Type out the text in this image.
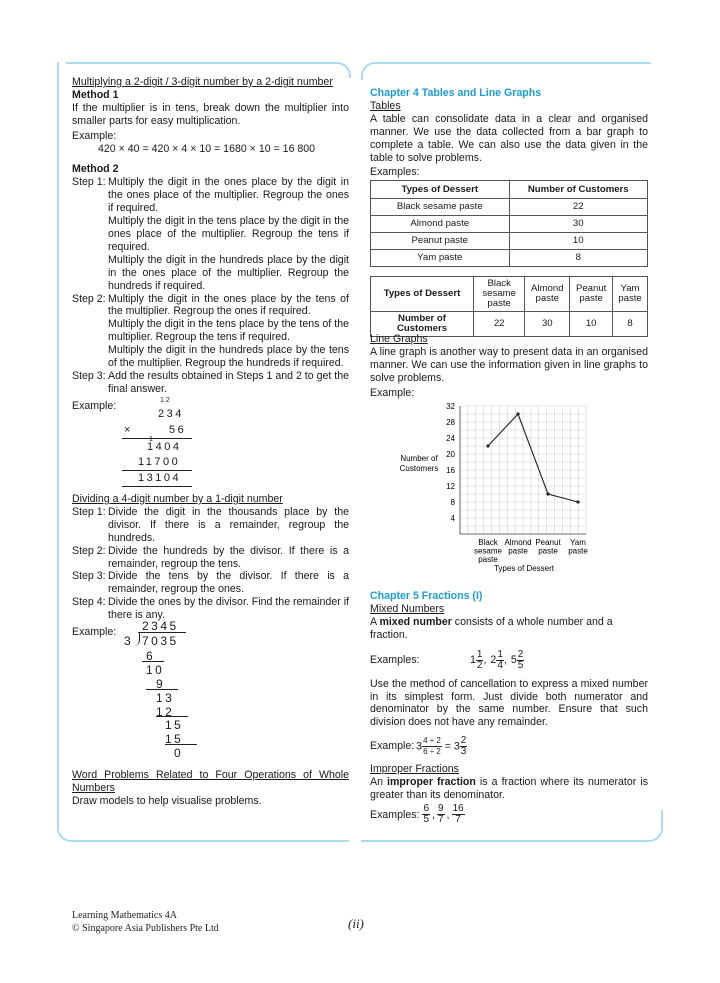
Multiplying a 2-digit / 3-digit number by a 2-digit number
Method 1
If the multiplier is in tens, break down the multiplier into smaller parts for easy multiplication.
Example:
420 × 40 = 420 × 4 × 10 = 1680 × 10 = 16 800
Method 2
Step 1: Multiply the digit in the ones place by the digit in the ones place of the multiplier. Regroup the ones if required.
Multiply the digit in the tens place by the digit in the ones place of the multiplier. Regroup the tens if required.
Multiply the digit in the hundreds place by the digit in the ones place of the multiplier. Regroup the hundreds if required.
Step 2: Multiply the digit in the ones place by the tens of the multiplier. Regroup the ones if required.
Multiply the digit in the tens place by the tens of the multiplier. Regroup the tens if required.
Multiply the digit in the hundreds place by the tens of the multiplier. Regroup the hundreds if required.
Step 3: Add the results obtained in Steps 1 and 2 to get the final answer.
Example:	1 2
234
×	56
1
1404
11700
13104
Dividing a 4-digit number by a 1-digit number
Step 1: Divide the digit in the thousands place by the divisor. If there is a remainder, regroup the hundreds.
Step 2: Divide the hundreds by the divisor. If there is a remainder, regroup the tens.
Step 3: Divide the tens by the divisor. If there is a remainder, regroup the ones.
Step 4: Divide the ones by the divisor. Find the remainder if there is any.
Example:	2345
3 7035
6
10
9
13
12
15
15
0
Word Problems Related to Four Operations of Whole Numbers
Draw models to help visualise problems.
Chapter 4 Tables and Line Graphs
Tables
A table can consolidate data in a clear and organised manner. We use the data collected from a bar graph to complete a table. We can also use the data given in the table to solve problems.
Examples:
Types of Dessert	Number of Customers
Black sesame paste	22
Almond paste	30
Peanut paste	10
Yam paste	8
Types of Dessert	Black sesame paste	Almond paste	Peanut paste	Yam paste
Number of Customers	22	30	10	8
Line Graphs
A line graph is another way to present data in an organised manner. We can use the information given in line graphs to solve problems.
Example:
4
8
12
16
20
24
28
32
Black sesame paste
Almond paste
Peanut paste
Yam paste
Number of
Customers
Types of Dessert
Chapter 5 Fractions (I)
Mixed Numbers
A mixed number consists of a whole number and a fraction.
Examples:	$1 \frac{1}{2}$ , $2 \frac{1}{4}$ , $5 \frac{2}{5}$
Use the method of cancellation to express a mixed number in its simplest form. Just divide both numerator and denominator by the same number. Ensure that such division does not have any remainder.
Example: $3 \frac{4 \div 2}{6 \div 2} = 3 \frac{2}{3}$
Improper Fractions
An improper fraction is a fraction where its numerator is greater than its denominator.
Examples: $\frac{6}{5}$ , $\frac{9}{7}$ , $\frac{16}{7}$
Learning Mathematics 4A
© Singapore Asia Publishers Pte Ltd	(ii)
